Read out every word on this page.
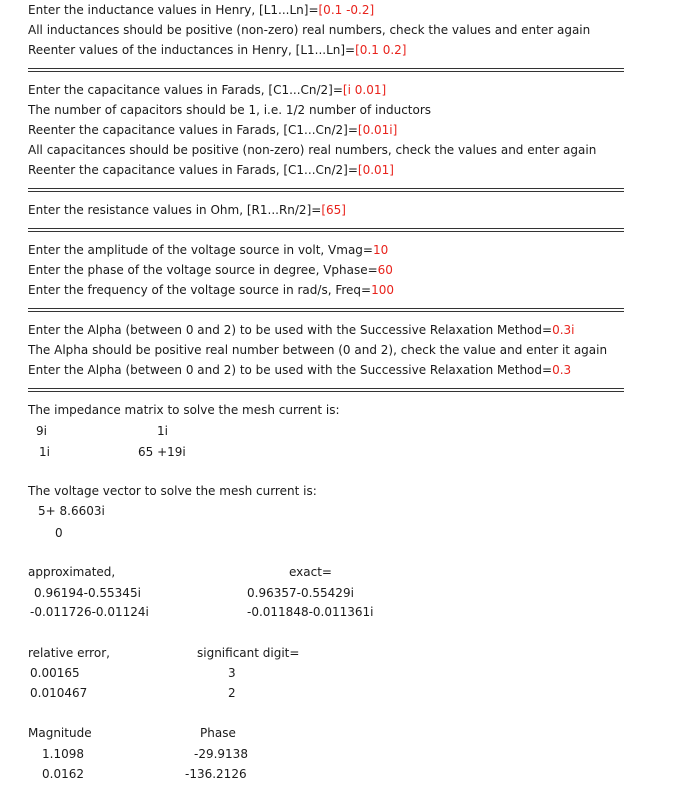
Enter the inductance values in Henry, [L1...Ln]=[0.1 -0.2]
All inductances should be positive (non-zero) real numbers, check the values and enter again
Reenter values of the inductances in Henry, [L1...Ln]=[0.1 0.2]
Enter the capacitance values in Farads, [C1...Cn/2]=[i 0.01]
The number of capacitors should be 1, i.e. 1/2 number of inductors
Reenter the capacitance values in Farads, [C1...Cn/2]=[0.01i]
All capacitances should be positive (non-zero) real numbers, check the values and enter again
Reenter the capacitance values in Farads, [C1...Cn/2]=[0.01]
Enter the resistance values in Ohm, [R1...Rn/2]=[65]
Enter the amplitude of the voltage source in volt, Vmag=10
Enter the phase of the voltage source in degree, Vphase=60
Enter the frequency of the voltage source in rad/s, Freq=100
Enter the Alpha (between 0 and 2) to be used with the Successive Relaxation Method=0.3i
The Alpha should be positive real number between (0 and 2), check the value and enter it again
Enter the Alpha (between 0 and 2) to be used with the Successive Relaxation Method=0.3
The impedance matrix to solve the mesh current is:
9i	1i
1i	65 +19i
The voltage vector to solve the mesh current is:
5+ 8.6603i
0
approximated,	exact=
0.96194-0.55345i	0.96357-0.55429i
-0.011726-0.01124i	-0.011848-0.011361i
relative error,	significant digit=
0.00165	3
0.010467	2
Magnitude	Phase
1.1098	-29.9138
0.0162	-136.2126
